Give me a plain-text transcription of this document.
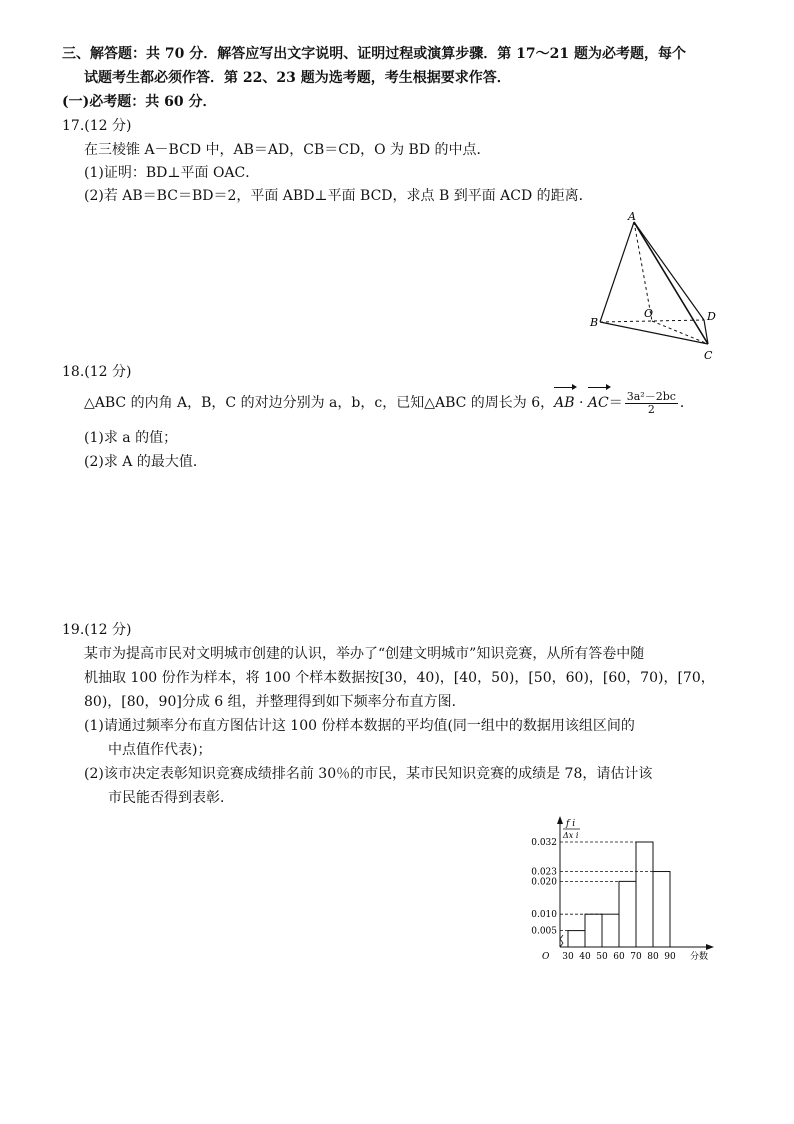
三、解答题：共 70 分．解答应写出文字说明、证明过程或演算步骤．第 17～21 题为必考题，每个
试题考生都必须作答．第 22、23 题为选考题，考生根据要求作答．
(一)必考题：共 60 分．
17.(12 分)
在三棱锥 A－BCD 中，AB＝AD，CB＝CD，O 为 BD 的中点．
(1)证明：BD⊥平面 OAC．
(2)若 AB＝BC＝BD＝2，平面 ABD⊥平面 BCD，求点 B 到平面 ACD 的距离．
A
B
O	D
C
18.(12 分)
△ABC 的内角 A，B，C 的对边分别为 a，b，c，已知△ABC 的周长为 6，AB · $AC= \frac{\text{3a²－2bc}}{2}$ ．
(1)求 a 的值；
(2)求 A 的最大值．
19.(12 分)
某市为提高市民对文明城市创建的认识，举办了“创建文明城市”知识竞赛，从所有答卷中随
机抽取 100 份作为样本，将 100 个样本数据按[30，40)，[40，50)，[50，60)，[60，70)，[70，
80)，[80，90]分成 6 组，并整理得到如下频率分布直方图．
(1)请通过频率分布直方图估计这 100 份样本数据的平均值(同一组中的数据用该组区间的
中点值作代表)；
(2)该市决定表彰知识竞赛成绩排名前 30％的市民，某市民知识竞赛的成绩是 78，请估计该
市民能否得到表彰．
f i
Δx i
O	分数
0.005
0.010
0.020
0.023
0.032
30 40 50 60 70 80 90
